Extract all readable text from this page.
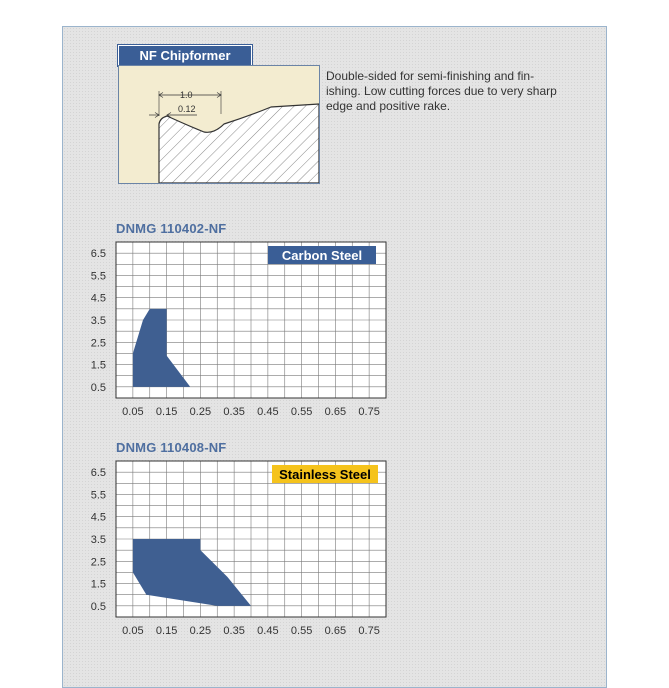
NF Chipformer
1.0
0.12
Double-sided for semi-finishing and fin- ishing. Low cutting forces due to very sharp edge and positive rake.
DNMG 110402-NF
Carbon Steel
6.5
5.5
4.5
3.5
2.5
1.5
0.5
0.05 0.15 0.25 0.35 0.45 0.55 0.65 0.75
DNMG 110408-NF
Stainless Steel
6.5
5.5
4.5
3.5
2.5
1.5
0.5
0.05 0.15 0.25 0.35 0.45 0.55 0.65 0.75
